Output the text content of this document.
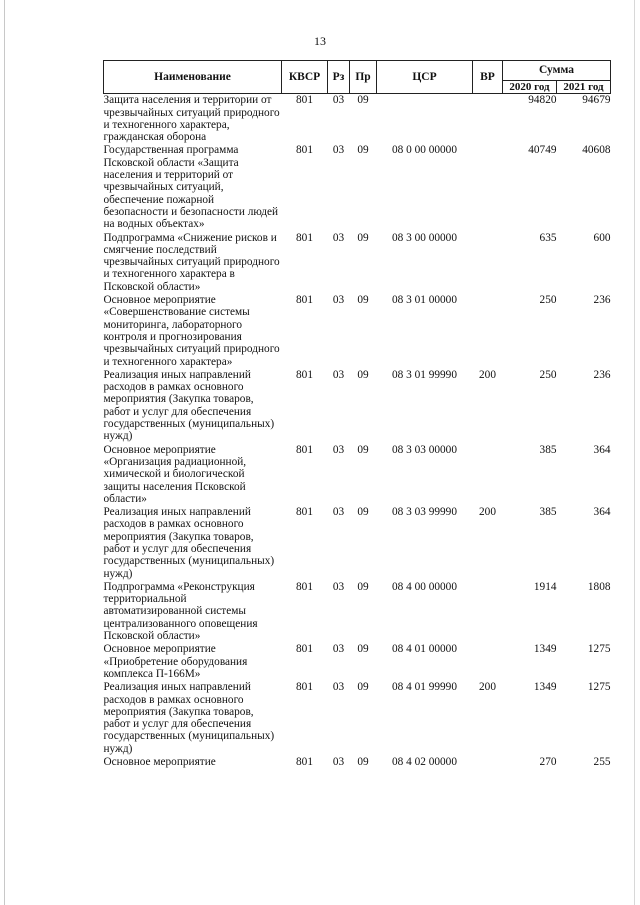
13
Наименование	КВСР	Рз	Пр	ЦСР	ВР	Сумма	
						2020 год	2021 год
Защита населения и территории от чрезвычайных ситуаций природного и техногенного характера, гражданская оборона	801	03	09			94820	94679
Государственная программа Псковской области «Защита населения и территорий от чрезвычайных ситуаций, обеспечение пожарной безопасности и безопасности людей на водных объектах»	801	03	09	08 0 00 00000		40749	40608
Подпрограмма «Снижение рисков и смягчение последствий чрезвычайных ситуаций природного и техногенного характера в Псковской области»	801	03	09	08 3 00 00000		635	600
Основное мероприятие «Совершенствование системы мониторинга, лабораторного контроля и прогнозирования чрезвычайных ситуаций природного и техногенного характера»	801	03	09	08 3 01 00000		250	236
Реализация иных направлений расходов в рамках основного мероприятия (Закупка товаров, работ и услуг для обеспечения государственных (муниципальных) нужд)	801	03	09	08 3 01 99990	200	250	236
Основное мероприятие «Организация радиационной, химической и биологической защиты населения Псковской области»	801	03	09	08 3 03 00000		385	364
Реализация иных направлений расходов в рамках основного мероприятия (Закупка товаров, работ и услуг для обеспечения государственных (муниципальных) нужд)	801	03	09	08 3 03 99990	200	385	364
Подпрограмма «Реконструкция территориальной автоматизированной системы централизованного оповещения Псковской области»	801	03	09	08 4 00 00000		1914	1808
Основное мероприятие «Приобретение оборудования комплекса П-166М»	801	03	09	08 4 01 00000		1349	1275
Реализация иных направлений расходов в рамках основного мероприятия (Закупка товаров, работ и услуг для обеспечения государственных (муниципальных) нужд)	801	03	09	08 4 01 99990	200	1349	1275
Основное мероприятие	801	03	09	08 4 02 00000		270	255
